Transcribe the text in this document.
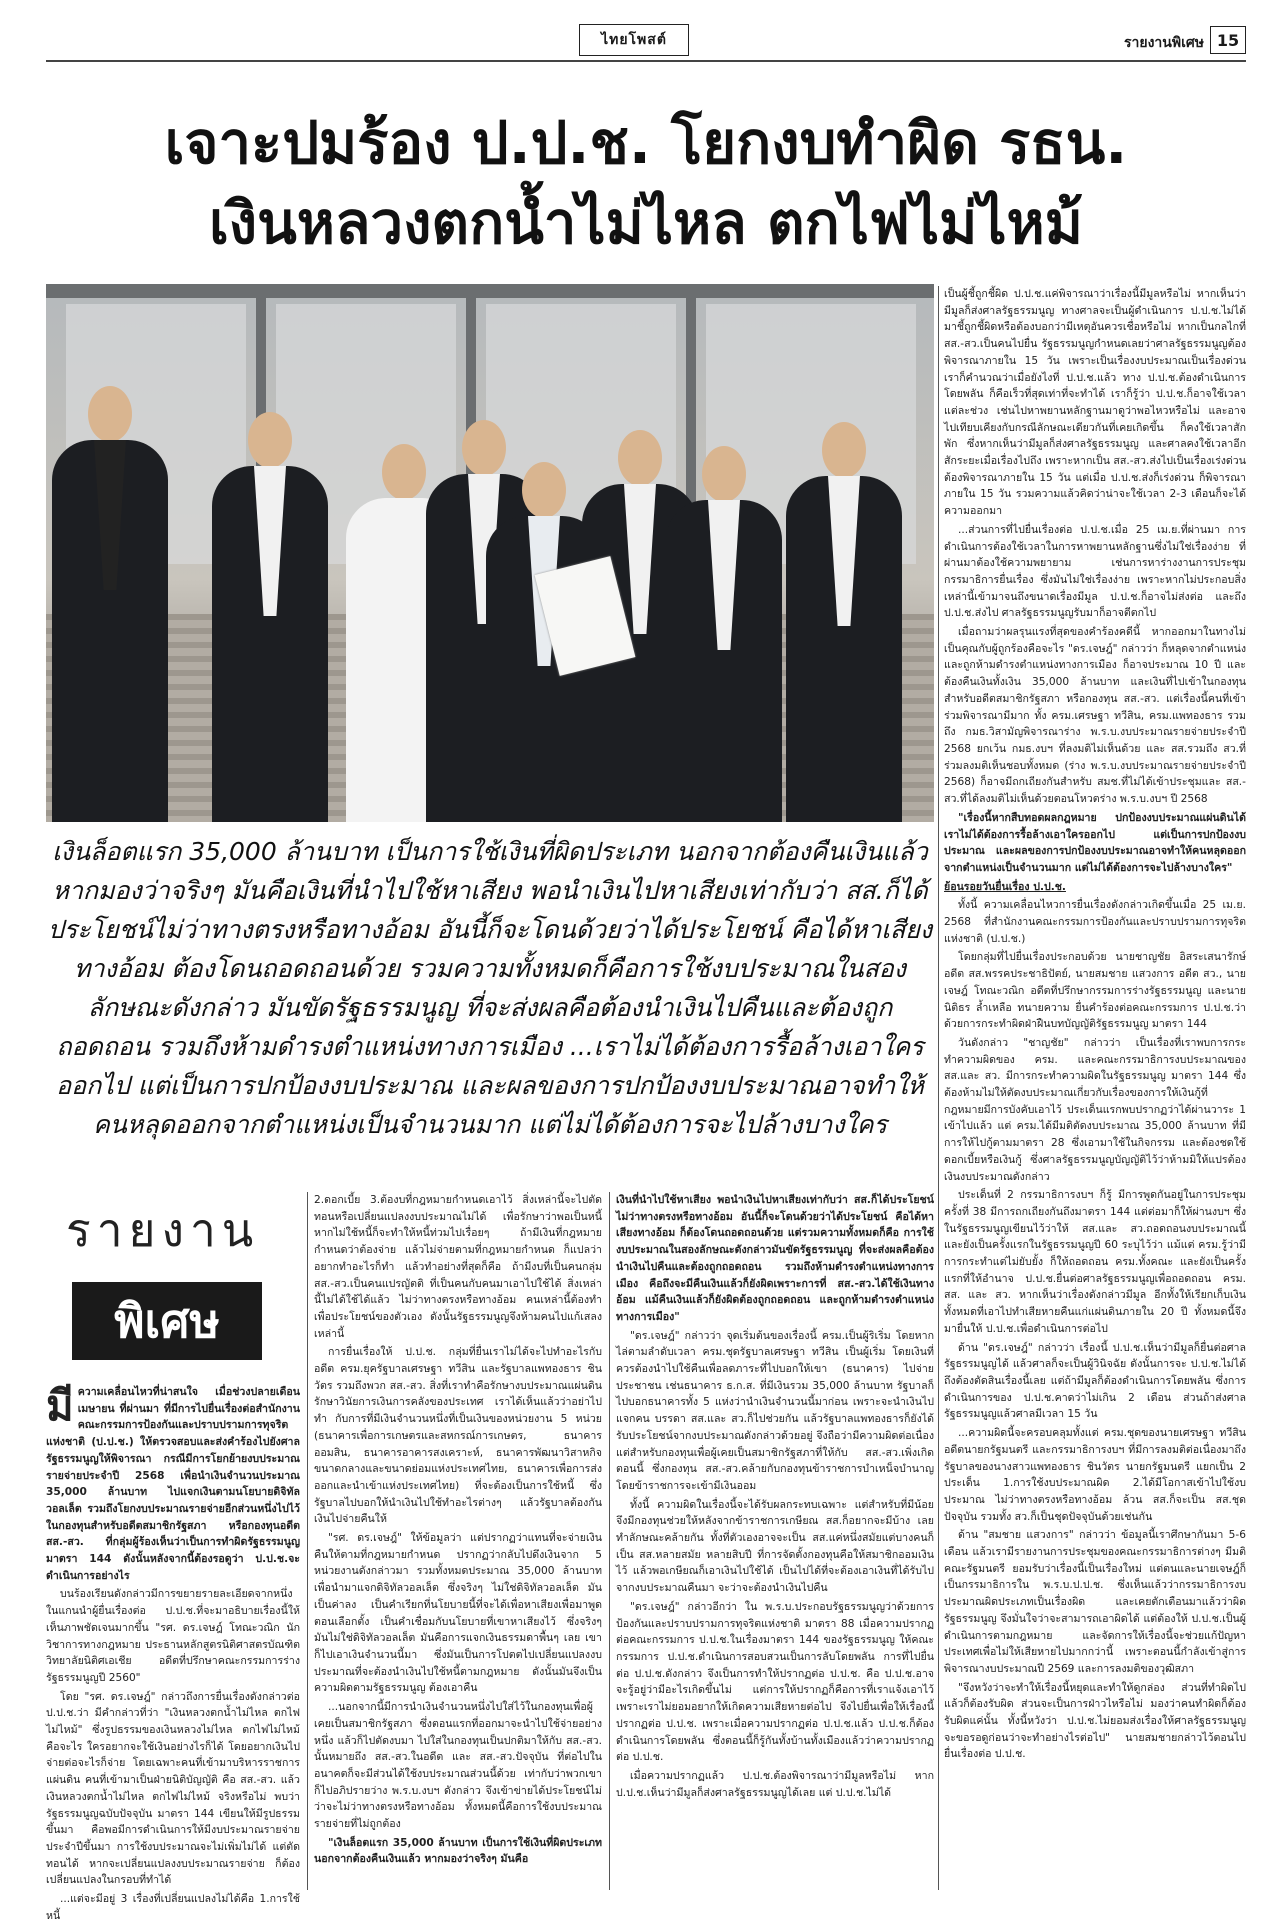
ไทยโพสต์	รายงานพิเศษ 15
เจาะปมร้อง ป.ป.ช. โยกงบทำผิด รธน.
เงินหลวงตกน้ำไม่ไหล ตกไฟไม่ไหม้

เงินล็อตแรก 35,000 ล้านบาท เป็นการใช้เงินที่ผิดประเภท นอกจากต้องคืนเงินแล้ว หากมองว่าจริงๆ มันคือเงินที่นำไปใช้หาเสียง พอนำเงินไปหาเสียงเท่ากับว่า สส.ก็ได้ประโยชน์ไม่ว่าทางตรงหรือทางอ้อม อันนี้ก็จะโดนด้วยว่าได้ประโยชน์ คือได้หาเสียงทางอ้อม ต้องโดนถอดถอนด้วย รวมความทั้งหมดก็คือการใช้งบประมาณในสองลักษณะดังกล่าว มันขัดรัฐธรรมนูญ ที่จะส่งผลคือต้องนำเงินไปคืนและต้องถูกถอดถอน รวมถึงห้ามดำรงตำแหน่งทางการเมือง ...เราไม่ได้ต้องการรื้อล้างเอาใครออกไป แต่เป็นการปกป้องงบประมาณ และผลของการปกป้องงบประมาณอาจทำให้คนหลุดออกจากตำแหน่งเป็นจำนวนมาก แต่ไม่ได้ต้องการจะไปล้างบางใคร

เป็นผู้ชี้ถูกชี้ผิด ป.ป.ช.แค่พิจารณาว่าเรื่องนี้มีมูลหรือไม่ หากเห็นว่ามีมูลก็ส่งศาลรัฐธรรมนูญ ทางศาลจะเป็นผู้ดำเนินการ ป.ป.ช.ไม่ได้มาชี้ถูกชี้ผิดหรือต้องบอกว่ามีเหตุอันควรเชื่อหรือไม่ หากเป็นกลไกที่ สส.-สว.เป็นคนไปยื่น รัฐธรรมนูญกำหนดเลยว่าศาลรัฐธรรมนูญต้องพิจารณาภายใน 15 วัน เพราะเป็นเรื่องงบประมาณเป็นเรื่องด่วน เราก็คำนวณว่าเมื่อยังไงที่ ป.ป.ช.แล้ว ทาง ป.ป.ช.ต้องดำเนินการโดยพลัน ก็คือเร็วที่สุดเท่าที่จะทำได้ เราก็รู้ว่า ป.ป.ช.ก็อาจใช้เวลาแต่ละช่วง เช่นไปหาพยานหลักฐานมาดูว่าพอไหวหรือไม่ และอาจไปเทียบเคียงกับกรณีลักษณะเดียวกันที่เคยเกิดขึ้น ก็คงใช้เวลาสักพัก ซึ่งหากเห็นว่ามีมูลก็ส่งศาลรัฐธรรมนูญ และศาลคงใช้เวลาอีกสักระยะเมื่อเรื่องไปถึง เพราะหากเป็น สส.-สว.ส่งไปเป็นเรื่องเร่งด่วน ต้องพิจารณาภายใน 15 วัน แต่เมื่อ ป.ป.ช.ส่งก็เร่งด่วน ก็พิจารณาภายใน 15 วัน รวมความแล้วคิดว่าน่าจะใช้เวลา 2-3 เดือนก็จะได้ความออกมา

...ส่วนการที่ไปยื่นเรื่องต่อ ป.ป.ช.เมื่อ 25 เม.ย.ที่ผ่านมา การดำเนินการต้องใช้เวลาในการหาพยานหลักฐานซึ่งไม่ใช่เรื่องง่าย ที่ผ่านมาต้องใช้ความพยายาม เช่นการหาร่างงานการประชุมกรรมาธิการยื่นเรื่อง ซึ่งมันไม่ใช่เรื่องง่าย เพราะหากไม่ประกอบสิ่งเหล่านี้เข้ามาจนถึงขนาดเรื่องมีมูล ป.ป.ช.ก็อาจไม่ส่งต่อ และถึง ป.ป.ช.ส่งไป ศาลรัฐธรรมนูญรับมาก็อาจตีตกไป

เมื่อถามว่าผลรุนแรงที่สุดของคำร้องคดีนี้ หากออกมาในทางไม่เป็นคุณกับผู้ถูกร้องคือจะไร "ดร.เจษฎ์" กล่าวว่า ก็หลุดจากตำแหน่ง และถูกห้ามดำรงตำแหน่งทางการเมือง ก็อาจประมาณ 10 ปี และต้องคืนเงินทั้งเงิน 35,000 ล้านบาท และเงินที่ไปเข้าในกองทุนสำหรับอดีตสมาชิกรัฐสภา หรือกองทุน สส.-สว. แต่เรื่องนี้คนที่เข้าร่วมพิจารณามีมาก ทั้ง ครม.เศรษฐา ทวีสิน, ครม.แพทองธาร รวมถึง กมธ.วิสามัญพิจารณาร่าง พ.ร.บ.งบประมาณรายจ่ายประจำปี 2568 ยกเว้น กมธ.งบฯ ที่ลงมติไม่เห็นด้วย และ สส.รวมถึง สว.ที่ร่วมลงมติเห็นชอบทั้งหมด (ร่าง พ.ร.บ.งบประมาณรายจ่ายประจำปี 2568) ก็อาจมีถกเถียงกันสำหรับ สมช.ที่ไม่ได้เข้าประชุมและ สส.-สว.ที่ได้ลงมติไม่เห็นด้วยตอนโหวตร่าง พ.ร.บ.งบฯ ปี 2568

"เรื่องนี้หากสืบทอดผลกฎหมาย ปกป้องงบประมาณแผ่นดินได้ เราไม่ได้ต้องการรื้อล้างเอาใครออกไป แต่เป็นการปกป้องงบประมาณ และผลของการปกป้องงบประมาณอาจทำให้คนหลุดออกจากตำแหน่งเป็นจำนวนมาก แต่ไม่ได้ต้องการจะไปล้างบางใคร"

ย้อนรอยวันยื่นเรื่อง ป.ป.ช.

ทั้งนี้ ความเคลื่อนไหวการยื่นเรื่องดังกล่าวเกิดขึ้นเมื่อ 25 เม.ย. 2568 ที่สำนักงานคณะกรรมการป้องกันและปราบปรามการทุจริตแห่งชาติ (ป.ป.ช.)

โดยกลุ่มที่ไปยื่นเรื่องประกอบด้วย นายชาญชัย อิสระเสนารักษ์ อดีต สส.พรรคประชาธิปัตย์, นายสมชาย แสวงการ อดีต สว., นายเจษฎ์ โทณะวณิก อดีตที่ปรึกษากรรมการร่างรัฐธรรมนูญ และนายนิติธร ล้ำเหลือ ทนายความ ยื่นคำร้องต่อคณะกรรมการ ป.ป.ช.ว่าด้วยการกระทำผิดฝ่าฝืนบทบัญญัติรัฐธรรมนูญ มาตรา 144

วันดังกล่าว "ชาญชัย" กล่าวว่า เป็นเรื่องที่เราพบการกระทำความผิดของ ครม. และคณะกรรมาธิการงบประมาณของ สส.และ สว. มีการกระทำความผิดในรัฐธรรมนูญ มาตรา 144 ซึ่งต้องห้ามไม่ให้ตัดงบประมาณเกี่ยวกับเรื่องของการให้เงินกู้ที่กฎหมายมีการบังคับเอาไว้ ประเด็นแรกพบปรากฏว่าได้ผ่านวาระ 1 เข้าไปแล้ว แต่ ครม.ได้มีมติตัดงบประมาณ 35,000 ล้านบาท ที่มีการให้ไปกู้ตามมาตรา 28 ซึ่งเอามาใช้ในกิจกรรม และต้องชดใช้ดอกเบี้ยหรือเงินกู้ ซึ่งศาลรัฐธรรมนูญบัญญัติไว้ว่าห้ามมิให้แปรต้องเงินงบประมาณดังกล่าว

ประเด็นที่ 2 กรรมาธิการงบฯ ก็รู้ มีการพูดกันอยู่ในการประชุมครั้งที่ 38 มีการถกเถียงกันถึงมาตรา 144 แต่ต่อมาก็ให้ผ่านงบฯ ซึ่งในรัฐธรรมนูญเขียนไว้ว่าให้ สส.และ สว.ถอดถอนงบประมาณนี้ และยังเป็นครั้งแรกในรัฐธรรมนูญปี 60 ระบุไว้ว่า แม้แต่ ครม.รู้ว่ามีการกระทำแต่ไม่ยับยั้ง ก็ให้ถอดถอน ครม.ทั้งคณะ และยังเป็นครั้งแรกที่ให้อำนาจ ป.ป.ช.ยื่นต่อศาลรัฐธรรมนูญเพื่อถอดถอน ครม. สส. และ สว. หากเห็นว่าเรื่องดังกล่าวมีมูล อีกทั้งให้เรียกเก็บเงินทั้งหมดที่เอาไปทำเสียหายคืนแก่แผ่นดินภายใน 20 ปี ทั้งหมดนี้จึงมายื่นให้ ป.ป.ช.เพื่อดำเนินการต่อไป

ด้าน "ดร.เจษฎ์" กล่าวว่า เรื่องนี้ ป.ป.ช.เห็นว่ามีมูลก็ยื่นต่อศาลรัฐธรรมนูญได้ แล้วศาลก็จะเป็นผู้วินิจฉัย ดังนั้นการจะ ป.ป.ช.ไม่ได้ถึงต้องตัดสินเรื่องนี้เลย แต่ถ้ามีมูลก็ต้องดำเนินการโดยพลัน ซึ่งการดำเนินการของ ป.ป.ช.คาดว่าไม่เกิน 2 เดือน ส่วนถ้าส่งศาลรัฐธรรมนูญแล้วศาลมีเวลา 15 วัน

...ความผิดนี้จะครอบคลุมทั้งแต่ ครม.ชุดของนายเศรษฐา ทวีสิน อดีตนายกรัฐมนตรี และกรรมาธิการงบฯ ที่มีการลงมติต่อเนื่องมาถึงรัฐบาลของนางสาวแพทองธาร ชินวัตร นายกรัฐมนตรี แยกเป็น 2 ประเด็น 1.การใช้งบประมาณผิด 2.ได้มีโอกาสเข้าไปใช้งบประมาณ ไม่ว่าทางตรงหรือทางอ้อม ล้วน สส.ก็จะเป็น สส.ชุดปัจจุบัน รวมทั้ง สว.ก็เป็นชุดปัจจุบันด้วยเช่นกัน

ด้าน "สมชาย แสวงการ" กล่าวว่า ข้อมูลนี้เราศึกษากันมา 5-6 เดือน แล้วเรามีรายงานการประชุมของคณะกรรมาธิการต่างๆ มีมติคณะรัฐมนตรี ยอมรับว่าเรื่องนี้เป็นเรื่องใหม่ แต่ตนและนายเจษฎ์ก็เป็นกรรมาธิการใน พ.ร.บ.ป.ป.ช. ซึ่งเห็นแล้วว่ากรรมาธิการงบประมาณผิดประเภทเป็นเรื่องผิด และเคยตักเตือนมาแล้วว่าผิดรัฐธรรมนูญ จึงมั่นใจว่าจะสามารถเอาผิดได้ แต่ต้องให้ ป.ป.ช.เป็นผู้ดำเนินการตามกฎหมาย และจัดการให้เรื่องนี้จะช่วยแก้ปัญหาประเทศเพื่อไม่ให้เสียหายไปมากกว่านี้ เพราะตอนนี้กำลังเข้าสู่การพิจารณางบประมาณปี 2569 และการลงมติของวุฒิสภา

"จึงหวังว่าจะทำให้เรื่องนี้หยุดและทำให้ดูกล่อง ส่วนที่ทำผิดไปแล้วก็ต้องรับผิด ส่วนจะเป็นการฝ่าวไหรือไม่ มองว่าคนทำผิดก็ต้องรับผิดแค่นั้น ทั้งนี้หวังว่า ป.ป.ช.ไม่ยอมส่งเรื่องให้ศาลรัฐธรรมนูญ จะขอรอดูก่อนว่าจะทำอย่างไรต่อไป" นายสมชายกล่าวไว้ตอนไปยื่นเรื่องต่อ ป.ป.ช.

รายงาน
พิเศษ

มีความเคลื่อนไหวที่น่าสนใจ เมื่อช่วงปลายเดือนเมษายน ที่ผ่านมา ที่มีการไปยื่นเรื่องต่อสำนักงานคณะกรรมการป้องกันและปราบปรามการทุจริตแห่งชาติ (ป.ป.ช.) ให้ตรวจสอบและส่งคำร้องไปยังศาลรัฐธรรมนูญให้พิจารณา กรณีมีการโยกย้ายงบประมาณรายจ่ายประจำปี 2568 เพื่อนำเงินจำนวนประมาณ 35,000 ล้านบาท ไปแจกเงินตามนโยบายดิจิทัลวอลเล็ต รวมถึงโยกงบประมาณรายจ่ายอีกส่วนหนึ่งไปไว้ในกองทุนสำหรับอดีตสมาชิกรัฐสภา หรือกองทุนอดีต สส.-สว. ที่กลุ่มผู้ร้องเห็นว่าเป็นการทำผิดรัฐธรรมนูญ มาตรา 144 ดังนั้นหลังจากนี้ต้องรอดูว่า ป.ป.ช.จะดำเนินการอย่างไร

บนร้องเรียนดังกล่าวมีการขยายรายละเอียดจากหนึ่งในแกนนำผู้ยื่นเรื่องต่อ ป.ป.ช.ที่จะมาอธิบายเรื่องนี้ให้เห็นภาพชัดเจนมากขึ้น "รศ. ดร.เจษฎ์ โทณะวณิก นักวิชาการทางกฎหมาย ประธานหลักสูตรนิติศาสตรบัณฑิต วิทยาลัยนิติศเอเชีย อดีตที่ปรึกษาคณะกรรมการร่างรัฐธรรมนูญปี 2560"

โดย "รศ. ดร.เจษฎ์" กล่าวถึงการยื่นเรื่องดังกล่าวต่อ ป.ป.ช.ว่า มีคำกล่าวที่ว่า "เงินหลวงตกน้ำไม่ไหล ตกไฟไม่ไหม้" ซึ่งรูปธรรมของเงินหลวงไม่ไหล ตกไฟไม่ไหม้คือจะไร ใครอยากจะใช้เงินอย่างไรก็ได้ โดยอยากเงินไปจ่ายต่อจะไรก็จ่าย โดยเฉพาะคนที่เข้ามาบริหารราชการแผ่นดิน คนที่เข้ามาเป็นฝ่ายนิติบัญญัติ คือ สส.-สว. แล้วเงินหลวงตกน้ำไม่ไหล ตกไฟไม่ไหม้ จริงหรือไม่ พบว่ารัฐธรรมนูญฉบับปัจจุบัน มาตรา 144 เขียนให้มีรูปธรรมขึ้นมา คือพอมีการดำเนินการให้มีงบประมาณรายจ่ายประจำปีขึ้นมา การใช้งบประมาณจะไม่เพิ่มไม่ได้ แต่ตัดทอนได้ หากจะเปลี่ยนแปลงงบประมาณรายจ่าย ก็ต้องเปลี่ยนแปลงในกรอบที่ทำได้

...แต่จะมีอยู่ 3 เรื่องที่เปลี่ยนแปลงไม่ได้คือ 1.การใช้หนี้

2.ดอกเบี้ย 3.ต้องบที่กฎหมายกำหนดเอาไว้ สิ่งเหล่านี้จะไปตัดทอนหรือเปลี่ยนแปลงงบประมาณไม่ได้ เพื่อรักษาว่าพอเป็นหนี้ หากไม่ใช้หนี้ก็จะทำให้หนี้ท่วมไปเรื่อยๆ ถ้ามีเงินที่กฎหมายกำหนดว่าต้องจ่าย แล้วไม่จ่ายตามที่กฎหมายกำหนด ก็แปลว่าอยากทำอะไรก็ทำ แล้วทำอย่างที่สุดก็คือ ถ้ามีงบที่เป็นคนกลุ่ม สส.-สว.เป็นคนแปรญัตติ ที่เป็นคนกับคนมาเอาไปใช้ได้ สิ่งเหล่านี้ไม่ได้ใช้ได้แล้ว ไม่ว่าทางตรงหรือทางอ้อม คนเหล่านี้ต้องทำเพื่อประโยชน์ของตัวเอง ดังนั้นรัฐธรรมนูญจึงห้ามคนไปแก้เสลงเหล่านี้

การยื่นเรื่องให้ ป.ป.ช. กลุ่มที่ยื่นเราไม่ได้จะไปทำอะไรกับอดีต ครม.ยุครัฐบาลเศรษฐา ทวีสิน และรัฐบาลแพทองธาร ชินวัตร รวมถึงพวก สส.-สว. สิ่งที่เราทำคือรักษางบประมาณแผ่นดิน รักษาวินัยการเงินการคลังของประเทศ เราได้เห็นแล้วว่าอย่าไปทำ กับการที่มีเงินจำนวนหนึ่งที่เป็นเงินของหน่วยงาน 5 หน่วย (ธนาคารเพื่อการเกษตรและสหกรณ์การเกษตร, ธนาคารออมสิน, ธนาคารอาคารสงเคราะห์, ธนาคารพัฒนาวิสาหกิจขนาดกลางและขนาดย่อมแห่งประเทศไทย, ธนาคารเพื่อการส่งออกและนำเข้าแห่งประเทศไทย) ที่จะต้องเป็นการใช้หนี้ ซึ่งรัฐบาลไปบอกให้นำเงินไปใช้ทำอะไรต่างๆ แล้วรัฐบาลต้องกันเงินไปจ่ายคืนให้

"รศ. ดร.เจษฎ์" ให้ข้อมูลว่า แต่ปรากฏว่าแทนที่จะจ่ายเงินคืนให้ตามที่กฎหมายกำหนด ปรากฏว่ากลับไปดึงเงินจาก 5 หน่วยงานดังกล่าวมา รวมทั้งหมดประมาณ 35,000 ล้านบาท เพื่อนำมาแจกดิจิทัลวอลเล็ต ซึ่งจริงๆ ไม่ใช่ดิจิทัลวอลเล็ต มันเป็นค่าลง เป็นคำเรียกที่นโยบายนี้ที่จะได้เพื่อหาเสียงเพื่อมาพูดตอนเลือกตั้ง เป็นคำเชื่อมกับนโยบายที่เขาหาเสียงไว้ ซึ่งจริงๆ มันไม่ใช่ดิจิทัลวอลเล็ต มันคือการแจกเงินธรรมดาพื้นๆ เลย เขาก็ไปเอาเงินจำนวนนี้มา ซึ่งมันเป็นการโปตตไปเปลี่ยนแปลงงบประมาณที่จะต้องนำเงินไปใช้หนี้ตามกฎหมาย ดังนั้นมันจึงเป็นความผิดตามรัฐธรรมนูญ ต้องเอาคืน

...นอกจากนี้มีการนำเงินจำนวนหนึ่งไปใส่ไว้ในกองทุนเพื่อผู้เคยเป็นสมาชิกรัฐสภา ซึ่งตอนแรกที่ออกมาจะนำไปใช้จ่ายอย่างหนึ่ง แล้วก็ไปตัดงบมา ไปใส่ในกองทุนเป็นปกติมาให้กับ สส.-สว. นั้นหมายถึง สส.-สว.ในอดีต และ สส.-สว.ปัจจุบัน ที่ต่อไปในอนาคตก็จะมีส่วนได้ใช้งบประมาณส่วนนี้ด้วย เท่ากับว่าพวกเขาก็ไปอภิปรายว่าง พ.ร.บ.งบฯ ดังกล่าว จึงเข้าข่ายได้ประโยชน์ไม่ว่าจะไม่ว่าทางตรงหรือทางอ้อม ทั้งหมดนี้คือการใช้งบประมาณรายจ่ายที่ไม่ถูกต้อง

"เงินล็อตแรก 35,000 ล้านบาท เป็นการใช้เงินที่ผิดประเภท นอกจากต้องคืนเงินแล้ว หากมองว่าจริงๆ มันคือ

เงินที่นำไปใช้หาเสียง พอนำเงินไปหาเสียงเท่ากับว่า สส.ก็ได้ประโยชน์ไม่ว่าทางตรงหรือทางอ้อม อันนี้ก็จะโดนด้วยว่าได้ประโยชน์ คือได้หาเสียงทางอ้อม ก็ต้องโดนถอดถอนด้วย แต่รวมความทั้งหมดก็คือ การใช้งบประมาณในสองลักษณะดังกล่าวมันขัดรัฐธรรมนูญ ที่จะส่งผลคือต้องนำเงินไปคืนและต้องถูกถอดถอน รวมถึงห้ามดำรงตำแหน่งทางการเมือง คือถึงจะมีคืนเงินแล้วก็ยังผิดเพราะการที่ สส.-สว.ได้ใช้เงินทางอ้อม แม้คืนเงินแล้วก็ยังผิดต้องถูกถอดถอน และถูกห้ามดำรงตำแหน่งทางการเมือง"

"ดร.เจษฎ์" กล่าวว่า จุดเริ่มต้นของเรื่องนี้ ครม.เป็นผู้ริเริ่ม โดยหากไล่ตามลำดับเวลา ครม.ชุดรัฐบาลเศรษฐา ทวีสิน เป็นผู้เริ่ม โดยเงินที่ควรต้องนำไปใช้คืนเพื่อลดภาระที่ไปบอกให้เขา (ธนาคาร) ไปจ่ายประชาชน เช่นธนาคาร ธ.ก.ส. ที่มีเงินรวม 35,000 ล้านบาท รัฐบาลก็ไปบอกธนาคารทั้ง 5 แห่งว่านำเงินจำนวนนี้มาก่อน เพราะจะนำเงินไปแจกคน บรรดา สส.และ สว.ก็ไปช่วยกัน แล้วรัฐบาลแพทองธารก็ยังได้รับประโยชน์จากงบประมาณดังกล่าวด้วยอยู่ จึงถือว่ามีความผิดต่อเนื่อง แต่สำหรับกองทุนเพื่อผู้เคยเป็นสมาชิกรัฐสภาที่ให้กับ สส.-สว.เพิ่งเกิดตอนนี้ ซึ่งกองทุน สส.-สว.คล้ายกับกองทุนข้าราชการบำเหน็จบำนาญ โดยข้าราชการจะเข้ามีเงินออม

ทั้งนี้ ความผิดในเรื่องนี้จะได้รับผลกระทบเฉพาะ แต่สำหรับที่มีน้อย จึงมีกองทุนช่วยให้หลังจากข้าราชการเกษียณ สส.ก็อยากจะมีบ้าง เลยทำลักษณะคล้ายกัน ทั้งที่ตัวเองอาจจะเป็น สส.แค่หนึ่งสมัยแต่บางคนก็เป็น สส.หลายสมัย หลายสิบปี ที่การจัดตั้งกองทุนคือให้สมาชิกออมเงินไว้ แล้วพอเกษียณก็เอาเงินไปใช้ได้ เป็นไปได้ที่จะต้องเอาเงินที่ได้รับไปจากงบประมาณคืนมา จะว่าจะต้องนำเงินไปคืน

"ดร.เจษฎ์" กล่าวอีกว่า ใน พ.ร.บ.ประกอบรัฐธรรมนูญว่าด้วยการป้องกันและปราบปรามการทุจริตแห่งชาติ มาตรา 88 เมื่อความปรากฏต่อคณะกรรมการ ป.ป.ช.ในเรื่องมาตรา 144 ของรัฐธรรมนูญ ให้คณะกรรมการ ป.ป.ช.ดำเนินการสอบสวนเป็นการลับโดยพลัน การที่ไปยื่นต่อ ป.ป.ช.ดังกล่าว จึงเป็นการทำให้ปรากฏต่อ ป.ป.ช. คือ ป.ป.ช.อาจจะรู้อยู่ว่ามีอะไรเกิดขึ้นไม่ แต่การให้ปรากฏก็คือการที่เราแจ้งเอาไว้เพราะเราไม่ยอมอยากให้เกิดความเสียหายต่อไป จึงไปยื่นเพื่อให้เรื่องนี้ปรากฏต่อ ป.ป.ช. เพราะเมื่อความปรากฏต่อ ป.ป.ช.แล้ว ป.ป.ช.ก็ต้องดำเนินการโดยพลัน ซึ่งตอนนี้ก็รู้กันทั้งบ้านทั้งเมืองแล้วว่าความปรากฏต่อ ป.ป.ช.

เมื่อความปรากฏแล้ว ป.ป.ช.ต้องพิจารณาว่ามีมูลหรือไม่ หาก ป.ป.ช.เห็นว่ามีมูลก็ส่งศาลรัฐธรรมนูญได้เลย แต่ ป.ป.ช.ไม่ได้
